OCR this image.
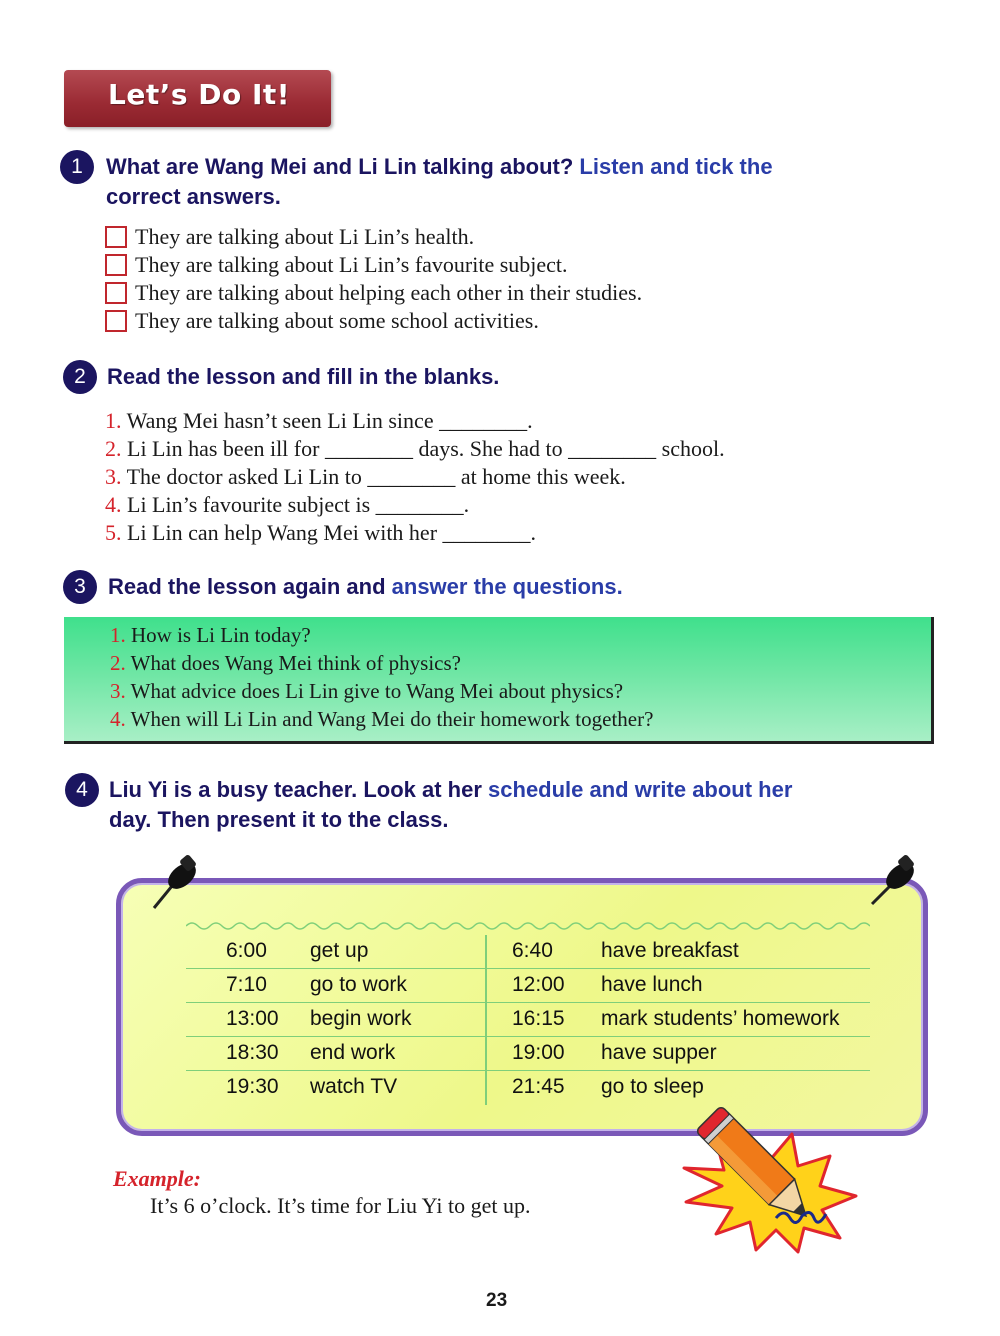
Let’s Do It!
1	What are Wang Mei and Li Lin talking about? Listen and tick the
correct answers.
They are talking about Li Lin’s health.
They are talking about Li Lin’s favourite subject.
They are talking about helping each other in their studies.
They are talking about some school activities.
2 Read the lesson and fill in the blanks.
1. Wang Mei hasn’t seen Li Lin since ________.
2. Li Lin has been ill for ________ days. She had to ________ school.
3. The doctor asked Li Lin to ________ at home this week.
4. Li Lin’s favourite subject is ________.
5. Li Lin can help Wang Mei with her ________.
3	Read the lesson again and answer the questions.
1. How is Li Lin today?
2. What does Wang Mei think of physics?
3. What advice does Li Lin give to Wang Mei about physics?
4. When will Li Lin and Wang Mei do their homework together?
4 Liu Yi is a busy teacher. Look at her schedule and write about her
day. Then present it to the class.
6:00 get up	6:40 have breakfast
7:10 go to work	12:00 have lunch
13:00 begin work	16:15 mark students’ homework
18:30 end work	19:00 have supper
19:30 watch TV	21:45 go to sleep
Example:
It’s 6 o’clock. It’s time for Liu Yi to get up.
23
